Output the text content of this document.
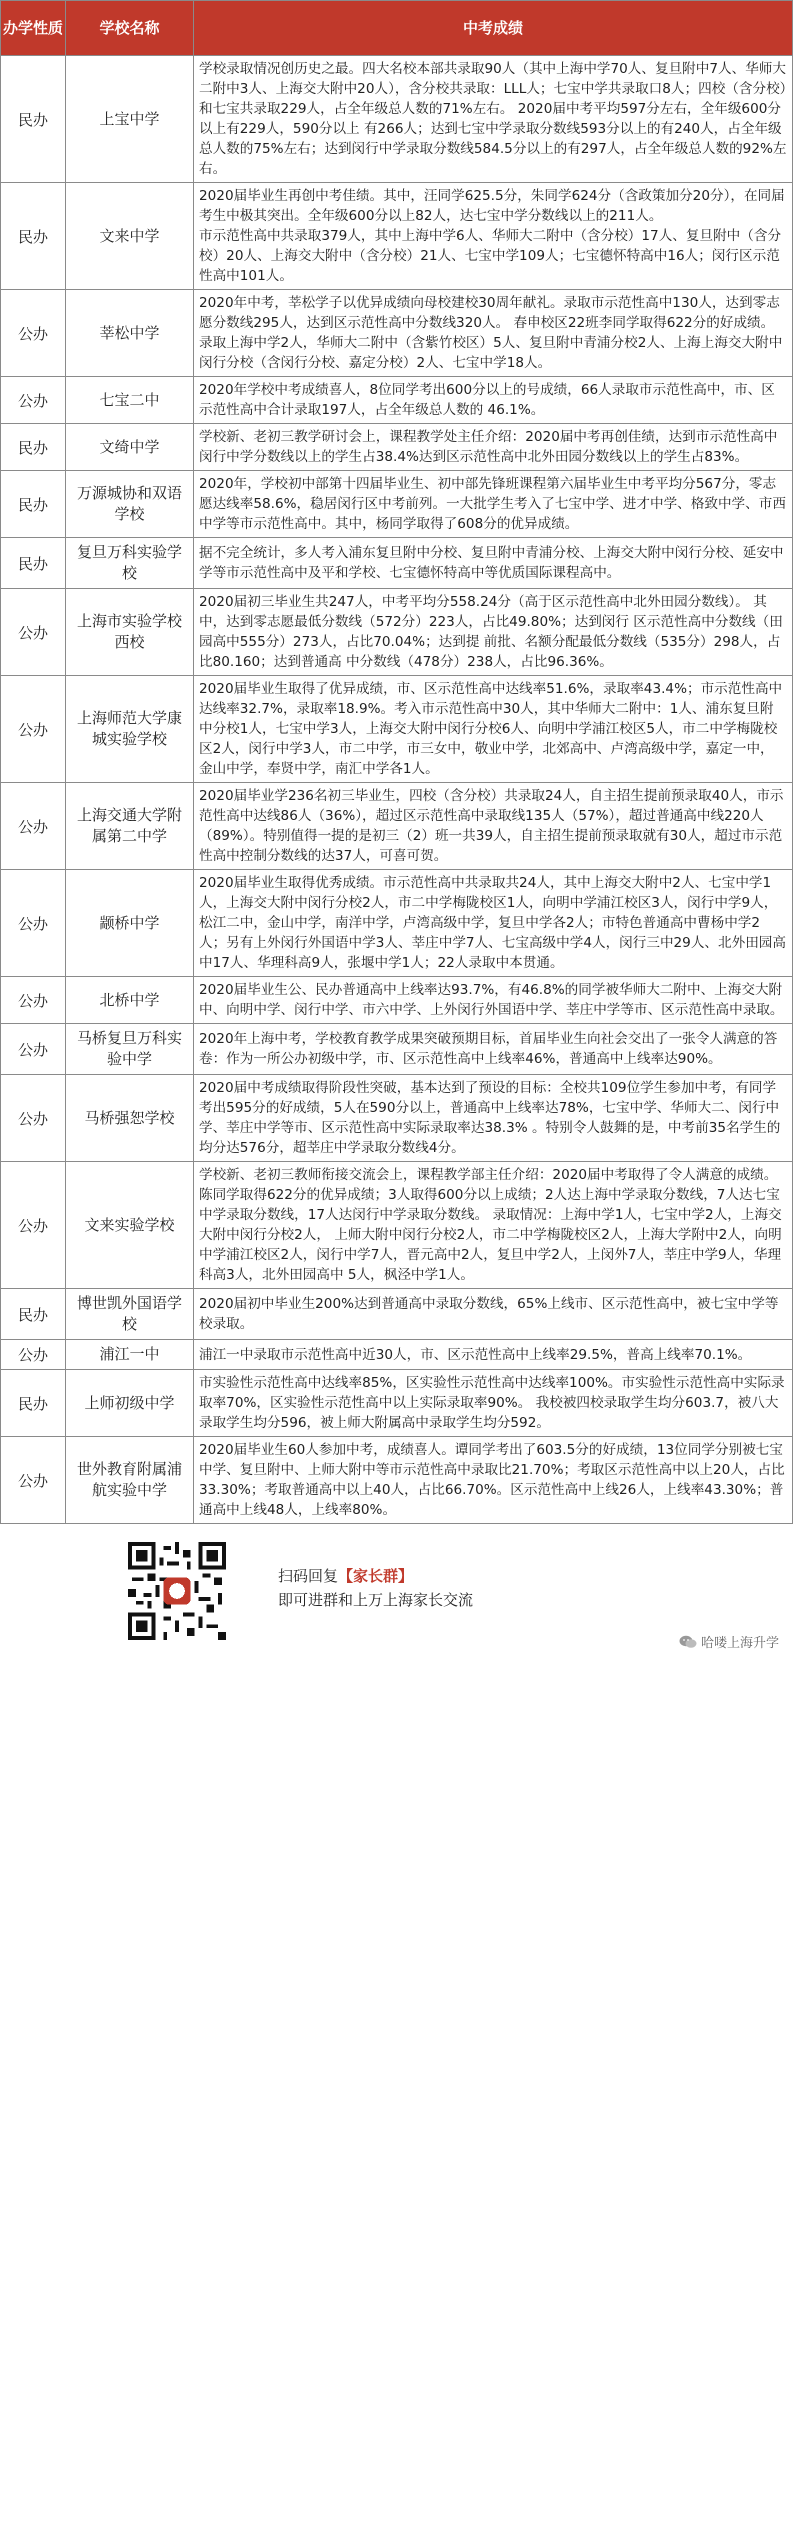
办学性质	学校名称	中考成绩
民办	上宝中学	学校录取情况创历史之最。四大名校本部共录取90人（其中上海中学70人、复旦附中7人、华师大二附中3人、上海交大附中20人），含分校共录取：LLL人；七宝中学共录取口8人；四校（含分校）和七宝共录取229人，占全年级总人数的71%左右。 2020届中考平均597分左右，全年级600分以上有229人，590分以上 有266人；达到七宝中学录取分数线593分以上的有240人，占全年级总人数的75%左右；达到闵行中学录取分数线584.5分以上的有297人，占全年级总人数的92%左右。
民办	文来中学	2020届毕业生再创中考佳绩。其中，汪同学625.5分，朱同学624分（含政策加分20分），在同届考生中极其突出。全年级600分以上82人，达七宝中学分数线以上的211人。
市示范性高中共录取379人，其中上海中学6人、华师大二附中（含分校）17人、复旦附中（含分校）20人、上海交大附中（含分校）21人、七宝中学109人；七宝德怀特高中16人；闵行区示范性高中101人。
公办	莘松中学	2020年中考，莘松学子以优异成绩向母校建校30周年献礼。录取市示范性高中130人，达到零志愿分数线295人，达到区示范性高中分数线320人。 春申校区22班李同学取得622分的好成绩。录取上海中学2人，华师大二附中（含紫竹校区）5人、复旦附中青浦分校2人、上海上海交大附中闵行分校（含闵行分校、嘉定分校）2人、七宝中学18人。
公办	七宝二中	2020年学校中考成绩喜人，8位同学考出600分以上的号成绩，66人录取市示范性高中，市、区示范性高中合计录取197人，占全年级总人数的 46.1%。
民办	文绮中学	学校新、老初三教学研讨会上，课程教学处主任介绍：2020届中考再创佳绩，达到市示范性高中闵行中学分数线以上的学生占38.4%达到区示范性高中北外田园分数线以上的学生占83%。
民办	万源城协和双语学校	2020年，学校初中部第十四届毕业生、初中部先锋班课程第六届毕业生中考平均分567分，零志愿达线率58.6%，稳居闵行区中考前列。一大批学生考入了七宝中学、进才中学、格致中学、市西中学等市示范性高中。其中，杨同学取得了608分的优异成绩。
民办	复旦万科实验学校	据不完全统计，多人考入浦东复旦附中分校、复旦附中青浦分校、上海交大附中闵行分校、延安中学等市示范性高中及平和学校、七宝德怀特高中等优质国际课程高中。
公办	上海市实验学校 西校	2020届初三毕业生共247人，中考平均分558.24分（高于区示范性高中北外田园分数线）。 其中，达到零志愿最低分数线（572分）223人，占比49.80%；达到闵行 区示范性高中分数线（田园高中555分）273人，占比70.04%；达到提 前批、名额分配最低分数线（535分）298人，占比80.160；达到普通高 中分数线（478分）238人，占比96.36%。
公办	上海师范大学康城实验学校	2020届毕业生取得了优异成绩，市、区示范性高中达线率51.6%，录取率43.4%；市示范性高中达线率32.7%，录取率18.9%。考入市示范性高中30人，其中华师大二附中：1人、浦东复旦附中分校1人，七宝中学3人，上海交大附中闵行分校6人、向明中学浦江校区5人，市二中学梅陇校区2人，闵行中学3人，市二中学，市三女中，敬业中学，北郊高中、卢湾高级中学，嘉定一中，金山中学，奉贤中学，南汇中学各1人。
公办	上海交通大学附属第二中学	2020届毕业学236名初三毕业生，四校（含分校）共录取24人，自主招生提前预录取40人，市示范性高中达线86人（36%），超过区示范性高中录取线135人（57%），超过普通高中线220人（89%）。特别值得一提的是初三（2）班一共39人，自主招生提前预录取就有30人，超过市示范性高中控制分数线的达37人，可喜可贺。
公办	颛桥中学	2020届毕业生取得优秀成绩。市示范性高中共录取共24人，其中上海交大附中2人、七宝中学1人，上海交大附中闵行分校2人，市二中学梅陇校区1人，向明中学浦江校区3人，闵行中学9人，松江二中，金山中学，南洋中学，卢湾高级中学，复旦中学各2人；市特色普通高中曹杨中学2人；另有上外闵行外国语中学3人、莘庄中学7人、七宝高级中学4人，闵行三中29人、北外田园高中17人、华理科高9人，张堰中学1人；22人录取中本贯通。
公办	北桥中学	2020届毕业生公、民办普通高中上线率达93.7%，有46.8%的同学被华师大二附中、上海交大附中、向明中学、闵行中学、市六中学、上外闵行外国语中学、莘庄中学等市、区示范性高中录取。
公办	马桥复旦万科实验中学	2020年上海中考，学校教育教学成果突破预期目标，首届毕业生向社会交出了一张令人满意的答卷：作为一所公办初级中学，市、区示范性高中上线率46%，普通高中上线率达90%。
公办	马桥强恕学校	2020届中考成绩取得阶段性突破，基本达到了预设的目标：全校共109位学生参加中考，有同学考出595分的好成绩，5人在590分以上，普通高中上线率达78%，七宝中学、华师大二、闵行中学、莘庄中学等市、区示范性高中实际录取率达38.3% 。特别令人鼓舞的是，中考前35名学生的均分达576分，超莘庄中学录取分数线4分。
公办	文来实验学校	学校新、老初三教师衔接交流会上，课程教学部主任介绍：2020届中考取得了令人满意的成绩。陈同学取得622分的优异成绩；3人取得600分以上成绩；2人达上海中学录取分数线，7人达七宝中学录取分数线，17人达闵行中学录取分数线。 录取情况：上海中学1人，七宝中学2人，上海交大附中闵行分校2人， 上师大附中闵行分校2人，市二中学梅陇校区2人，上海大学附中2人，向明中学浦江校区2人，闵行中学7人，晋元高中2人，复旦中学2人，上闵外7人，莘庄中学9人，华理科高3人，北外田园高中 5人，枫泾中学1人。
民办	博世凯外国语学校	2020届初中毕业生200%达到普通高中录取分数线，65%上线市、区示范性高中，被七宝中学等校录取。
公办	浦江一中	浦江一中录取市示范性高中近30人，市、区示范性高中上线率29.5%，普高上线率70.1%。
民办	上师初级中学	市实验性示范性高中达线率85%，区实验性示范性高中达线率100%。市实验性示范性高中实际录取率70%，区实验性示范性高中以上实际录取率90%。 我校被四校录取学生均分603.7，被八大录取学生均分596，被上师大附属高中录取学生均分592。
公办	世外教育附属浦航实验中学	2020届毕业生60人参加中考，成绩喜人。谭同学考出了603.5分的好成绩，13位同学分别被七宝中学、复旦附中、上师大附中等市示范性高中录取比21.70%；考取区示范性高中以上20人，占比33.30%；考取普通高中以上40人，占比66.70%。区示范性高中上线26人，上线率43.30%；普通高中上线48人，上线率80%。
扫码回复【家长群】
即可进群和上万上海家长交流
哈喽上海升学
